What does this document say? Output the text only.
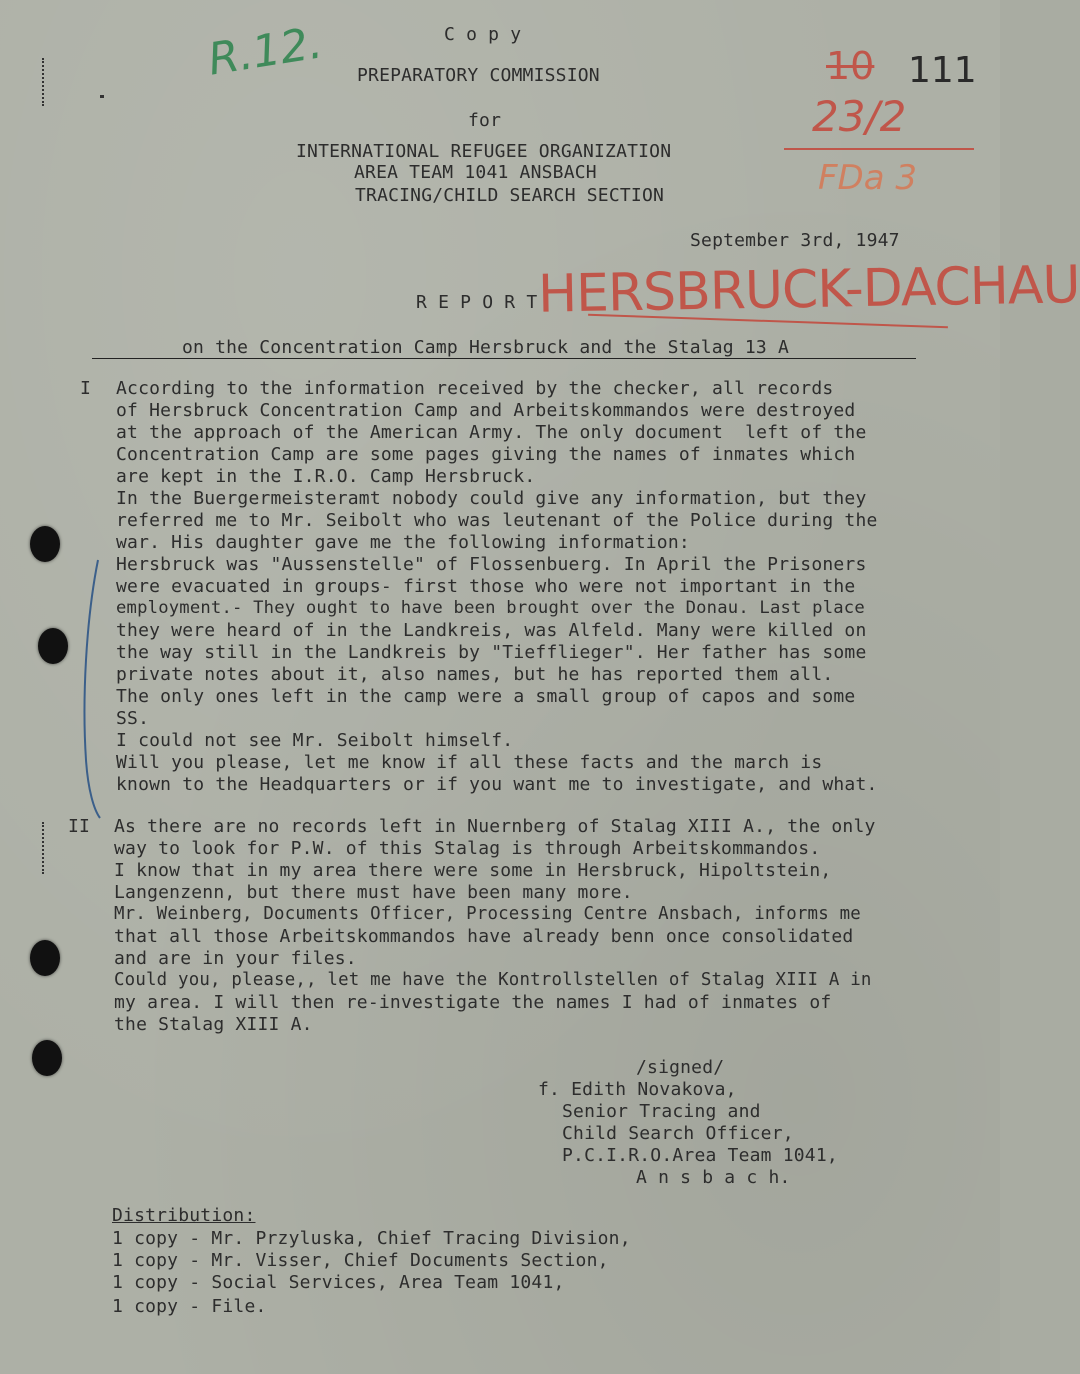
R.12.	10 111
23/2
FDa 3
HERSBRUCK-DACHAU
C o p y
PREPARATORY COMMISSION
for
INTERNATIONAL REFUGEE ORGANIZATION
AREA TEAM 1041 ANSBACH
TRACING/CHILD SEARCH SECTION
September 3rd, 1947
R E P O R T
on the Concentration Camp Hersbruck and the Stalag 13 A
I According to the information received by the checker, all records
of Hersbruck Concentration Camp and Arbeitskommandos were destroyed
at the approach of the American Army. The only document  left of the
Concentration Camp are some pages giving the names of inmates which
are kept in the I.R.O. Camp Hersbruck.
In the Buergermeisteramt nobody could give any information, but they
referred me to Mr. Seibolt who was leutenant of the Police during the
war. His daughter gave me the following information:
Hersbruck was "Aussenstelle" of Flossenbuerg. In April the Prisoners
were evacuated in groups- first those who were not important in the
employment.- They ought to have been brought over the Donau. Last place
they were heard of in the Landkreis, was Alfeld. Many were killed on
the way still in the Landkreis by "Tiefflieger". Her father has some
private notes about it, also names, but he has reported them all.
The only ones left in the camp were a small group of capos and some
SS.
I could not see Mr. Seibolt himself.
Will you please, let me know if all these facts and the march is
known to the Headquarters or if you want me to investigate, and what.
II As there are no records left in Nuernberg of Stalag XIII A., the only
way to look for P.W. of this Stalag is through Arbeitskommandos.
I know that in my area there were some in Hersbruck, Hipoltstein,
Langenzenn, but there must have been many more.
Mr. Weinberg, Documents Officer, Processing Centre Ansbach, informs me
that all those Arbeitskommandos have already benn once consolidated
and are in your files.
Could you, please,, let me have the Kontrollstellen of Stalag XIII A in
my area. I will then re-investigate the names I had of inmates of
the Stalag XIII A.
/signed/
f. Edith Novakova,
Senior Tracing and
Child Search Officer,
P.C.I.R.O.Area Team 1041,
A n s b a c h.
Distribution:
1 copy - Mr. Przyluska, Chief Tracing Division,
1 copy - Mr. Visser, Chief Documents Section,
1 copy - Social Services, Area Team 1041,
1 copy - File.
